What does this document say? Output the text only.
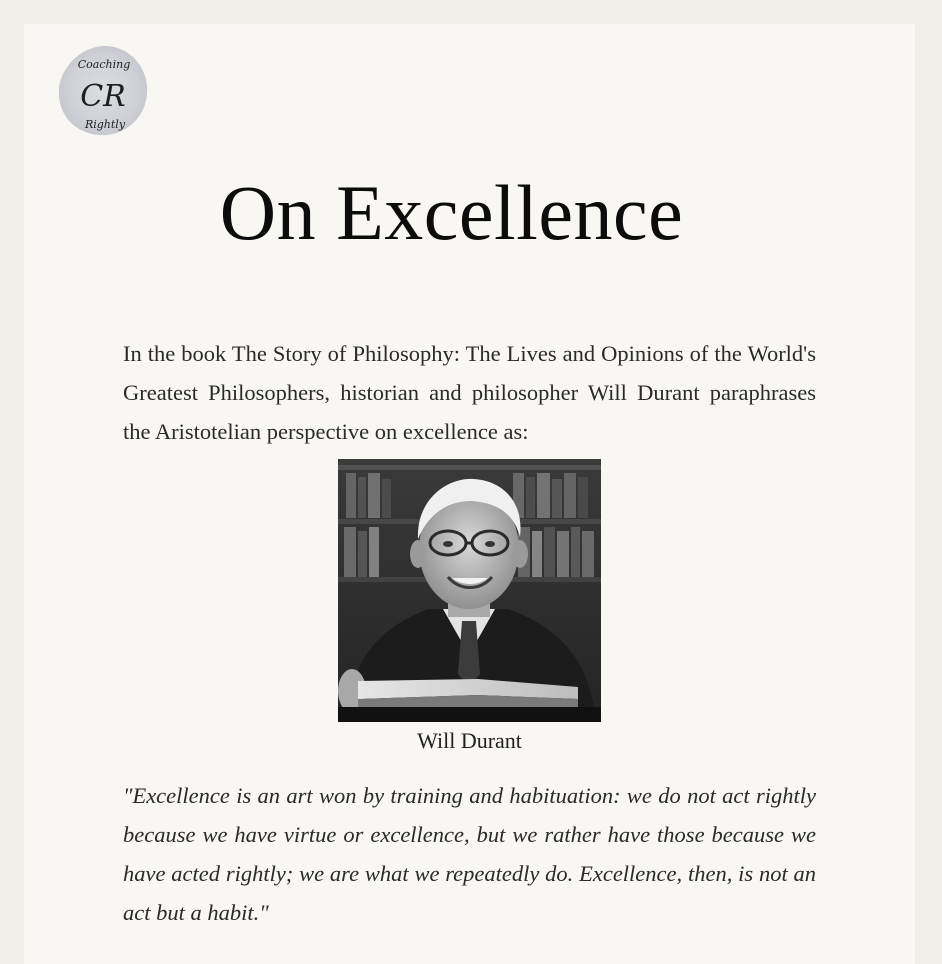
Coaching
CR
Rightly
On Excellence

In the book The Story of Philosophy: The Lives and Opinions of the World's Greatest Philosophers, historian and philosopher Will Durant paraphrases the Aristotelian perspective on excellence as:

Will Durant

"Excellence is an art won by training and habituation: we do not act rightly because we have virtue or excellence, but we rather have those because we have acted rightly; we are what we repeatedly do. Excellence, then, is not an act but a habit."
